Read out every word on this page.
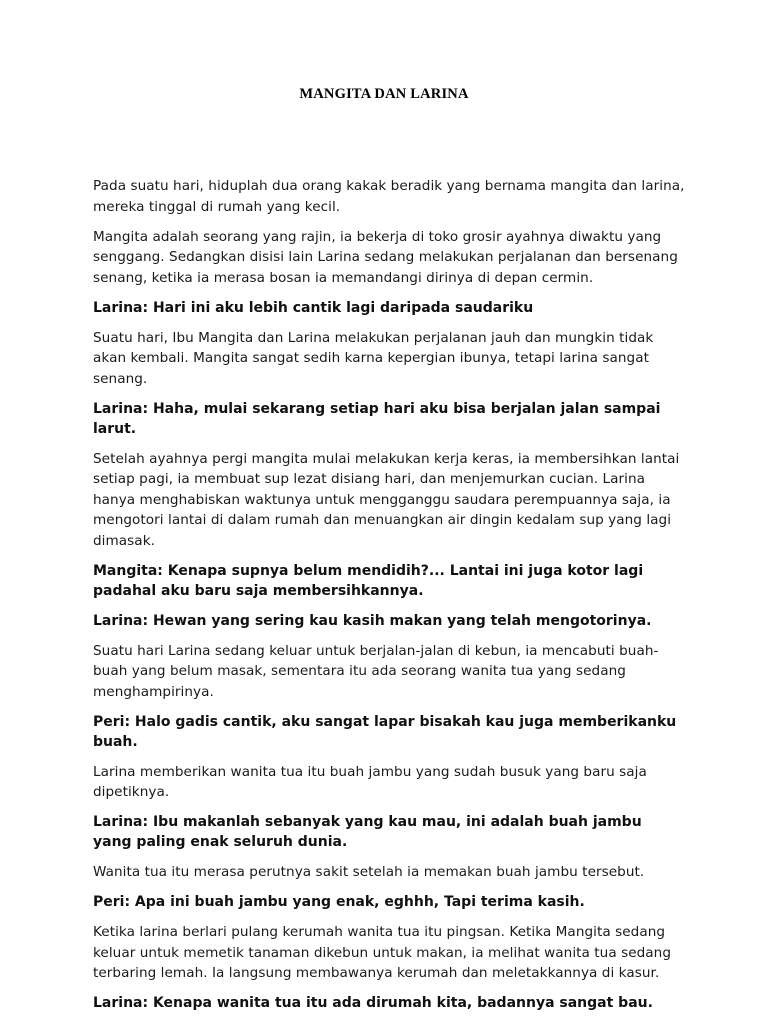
MANGITA DAN LARINA

Pada suatu hari, hiduplah dua orang kakak beradik yang bernama mangita dan larina, mereka tinggal di rumah yang kecil.

Mangita adalah seorang yang rajin, ia bekerja di toko grosir ayahnya diwaktu yang senggang. Sedangkan disisi lain Larina sedang melakukan perjalanan dan bersenang senang, ketika ia merasa bosan ia memandangi dirinya di depan cermin.

Larina: Hari ini aku lebih cantik lagi daripada saudariku

Suatu hari, Ibu Mangita dan Larina melakukan perjalanan jauh dan mungkin tidak akan kembali. Mangita sangat sedih karna kepergian ibunya, tetapi larina sangat senang.

Larina: Haha, mulai sekarang setiap hari aku bisa berjalan jalan sampai larut.

Setelah ayahnya pergi mangita mulai melakukan kerja keras, ia membersihkan lantai setiap pagi, ia membuat sup lezat disiang hari, dan menjemurkan cucian. Larina hanya menghabiskan waktunya untuk mengganggu saudara perempuannya saja, ia mengotori lantai di dalam rumah dan menuangkan air dingin kedalam sup yang lagi dimasak.

Mangita: Kenapa supnya belum mendidih?... Lantai ini juga kotor lagi padahal aku baru saja membersihkannya.

Larina: Hewan yang sering kau kasih makan yang telah mengotorinya.

Suatu hari Larina sedang keluar untuk berjalan-jalan di kebun, ia mencabuti buah-buah yang belum masak, sementara itu ada seorang wanita tua yang sedang menghampirinya.

Peri: Halo gadis cantik, aku sangat lapar bisakah kau juga memberikanku buah.

Larina memberikan wanita tua itu buah jambu yang sudah busuk yang baru saja dipetiknya.

Larina: Ibu makanlah sebanyak yang kau mau, ini adalah buah jambu yang paling enak seluruh dunia.

Wanita tua itu merasa perutnya sakit setelah ia memakan buah jambu tersebut.

Peri: Apa ini buah jambu yang enak, eghhh, Tapi terima kasih.

Ketika larina berlari pulang kerumah wanita tua itu pingsan. Ketika Mangita sedang keluar untuk memetik tanaman dikebun untuk makan, ia melihat wanita tua sedang terbaring lemah. Ia langsung membawanya kerumah dan meletakkannya di kasur.

Larina: Kenapa wanita tua itu ada dirumah kita, badannya sangat bau.
